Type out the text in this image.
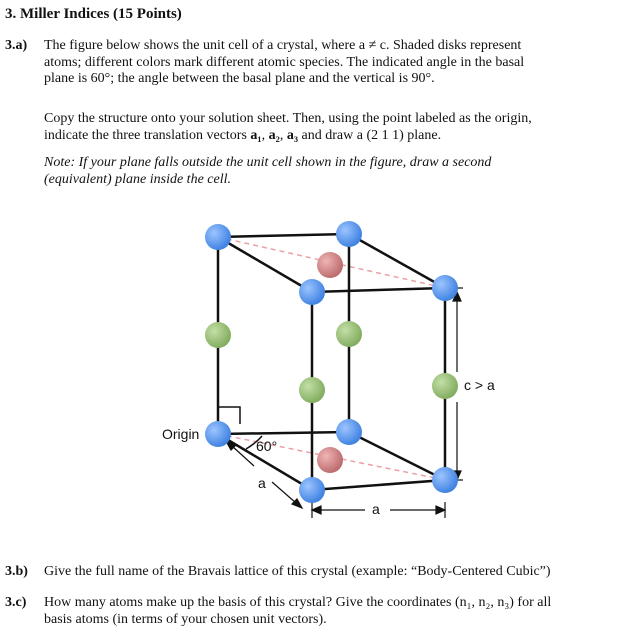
3. Miller Indices (15 Points)
3.a) The figure below shows the unit cell of a crystal, where a ≠ c. Shaded disks represent
atoms; different colors mark different atomic species. The indicated angle in the basal
plane is 60°; the angle between the basal plane and the vertical is 90°.
Copy the structure onto your solution sheet. Then, using the point labeled as the origin,
indicate the three translation vectors a₁, a₂, a₃ and draw a (2 1 1) plane.
Note: If your plane falls outside the unit cell shown in the figure, draw a second
(equivalent) plane inside the cell.
Origin
60°
a
a
c > a
3.b) Give the full name of the Bravais lattice of this crystal (example: “Body-Centered Cubic”)
3.c) How many atoms make up the basis of this crystal? Give the coordinates (n₁, n₂, n₃) for all
basis atoms (in terms of your chosen unit vectors).
